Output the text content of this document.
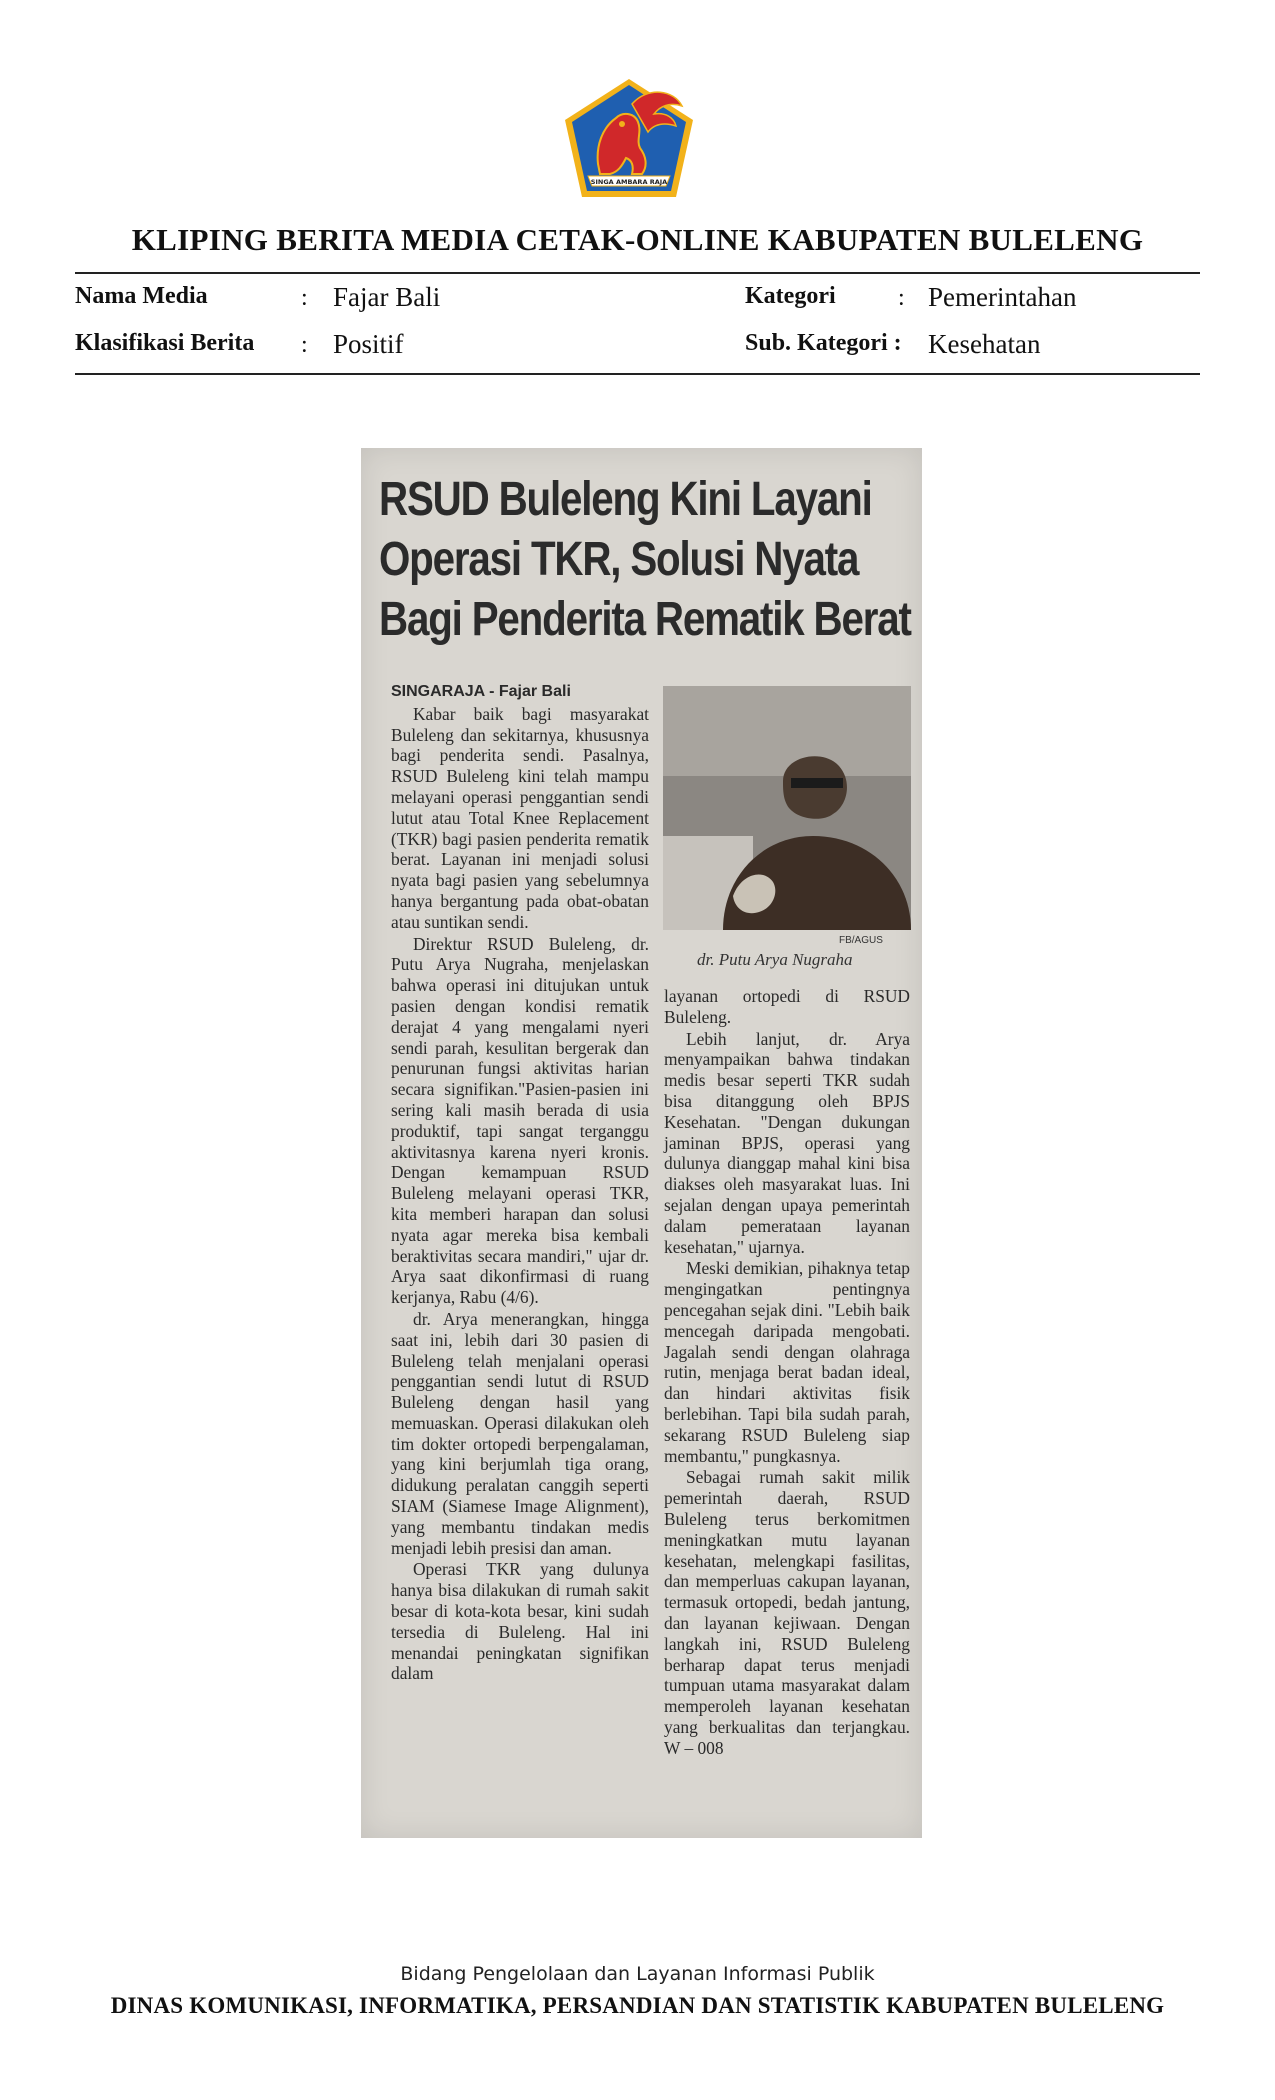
SINGA AMBARA RAJA
KLIPING BERITA MEDIA CETAK-ONLINE KABUPATEN BULELENG
Nama Media	: Fajar Bali	Kategori	: Pemerintahan
Klasifikasi Berita : Positif	Sub. Kategori : Kesehatan
RSUD Buleleng Kini Layani
Operasi TKR, Solusi Nyata
Bagi Penderita Rematik Berat

SINGARAJA - Fajar Bali

Kabar baik bagi masyarakat Buleleng dan sekitarnya, khususnya bagi penderita sendi. Pasalnya, RSUD Buleleng kini telah mampu melayani operasi penggantian sendi lutut atau Total Knee Replacement (TKR) bagi pasien penderita rematik berat. Layanan ini menjadi solusi nyata bagi pasien yang sebelumnya hanya bergantung pada obat-obatan atau suntikan sendi.

Direktur RSUD Buleleng, dr. Putu Arya Nugraha, menjelaskan bahwa operasi ini ditujukan untuk pasien dengan kondisi rematik derajat 4 yang mengalami nyeri sendi parah, kesulitan bergerak dan penurunan fungsi aktivitas harian secara signifikan."Pasien-pasien ini sering kali masih berada di usia produktif, tapi sangat terganggu aktivitasnya karena nyeri kronis. Dengan kemampuan RSUD Buleleng melayani operasi TKR, kita memberi harapan dan solusi nyata agar mereka bisa kembali beraktivitas secara mandiri," ujar dr. Arya saat dikonfirmasi di ruang kerjanya, Rabu (4/6).

dr. Arya menerangkan, hingga saat ini, lebih dari 30 pasien di Buleleng telah menjalani operasi penggantian sendi lutut di RSUD Buleleng dengan hasil yang memuaskan. Operasi dilakukan oleh tim dokter ortopedi berpengalaman, yang kini berjumlah tiga orang, didukung peralatan canggih seperti SIAM (Siamese Image Alignment), yang membantu tindakan medis menjadi lebih presisi dan aman.

Operasi TKR yang dulunya hanya bisa dilakukan di rumah sakit besar di kota-kota besar, kini sudah tersedia di Buleleng. Hal ini menandai peningkatan signifikan dalam

FB/AGUS
dr. Putu Arya Nugraha

layanan ortopedi di RSUD Buleleng.

Lebih lanjut, dr. Arya menyampaikan bahwa tindakan medis besar seperti TKR sudah bisa ditanggung oleh BPJS Kesehatan. "Dengan dukungan jaminan BPJS, operasi yang dulunya dianggap mahal kini bisa diakses oleh masyarakat luas. Ini sejalan dengan upaya pemerintah dalam pemerataan layanan kesehatan," ujarnya.

Meski demikian, pihaknya tetap mengingatkan pentingnya pencegahan sejak dini. "Lebih baik mencegah daripada mengobati. Jagalah sendi dengan olahraga rutin, menjaga berat badan ideal, dan hindari aktivitas fisik berlebihan. Tapi bila sudah parah, sekarang RSUD Buleleng siap membantu," pungkasnya.

Sebagai rumah sakit milik pemerintah daerah, RSUD Buleleng terus berkomitmen meningkatkan mutu layanan kesehatan, melengkapi fasilitas, dan memperluas cakupan layanan, termasuk ortopedi, bedah jantung, dan layanan kejiwaan. Dengan langkah ini, RSUD Buleleng berharap dapat terus menjadi tumpuan utama masyarakat dalam memperoleh layanan kesehatan yang berkualitas dan terjangkau. W – 008

Bidang Pengelolaan dan Layanan Informasi Publik
DINAS KOMUNIKASI, INFORMATIKA, PERSANDIAN DAN STATISTIK KABUPATEN BULELENG
